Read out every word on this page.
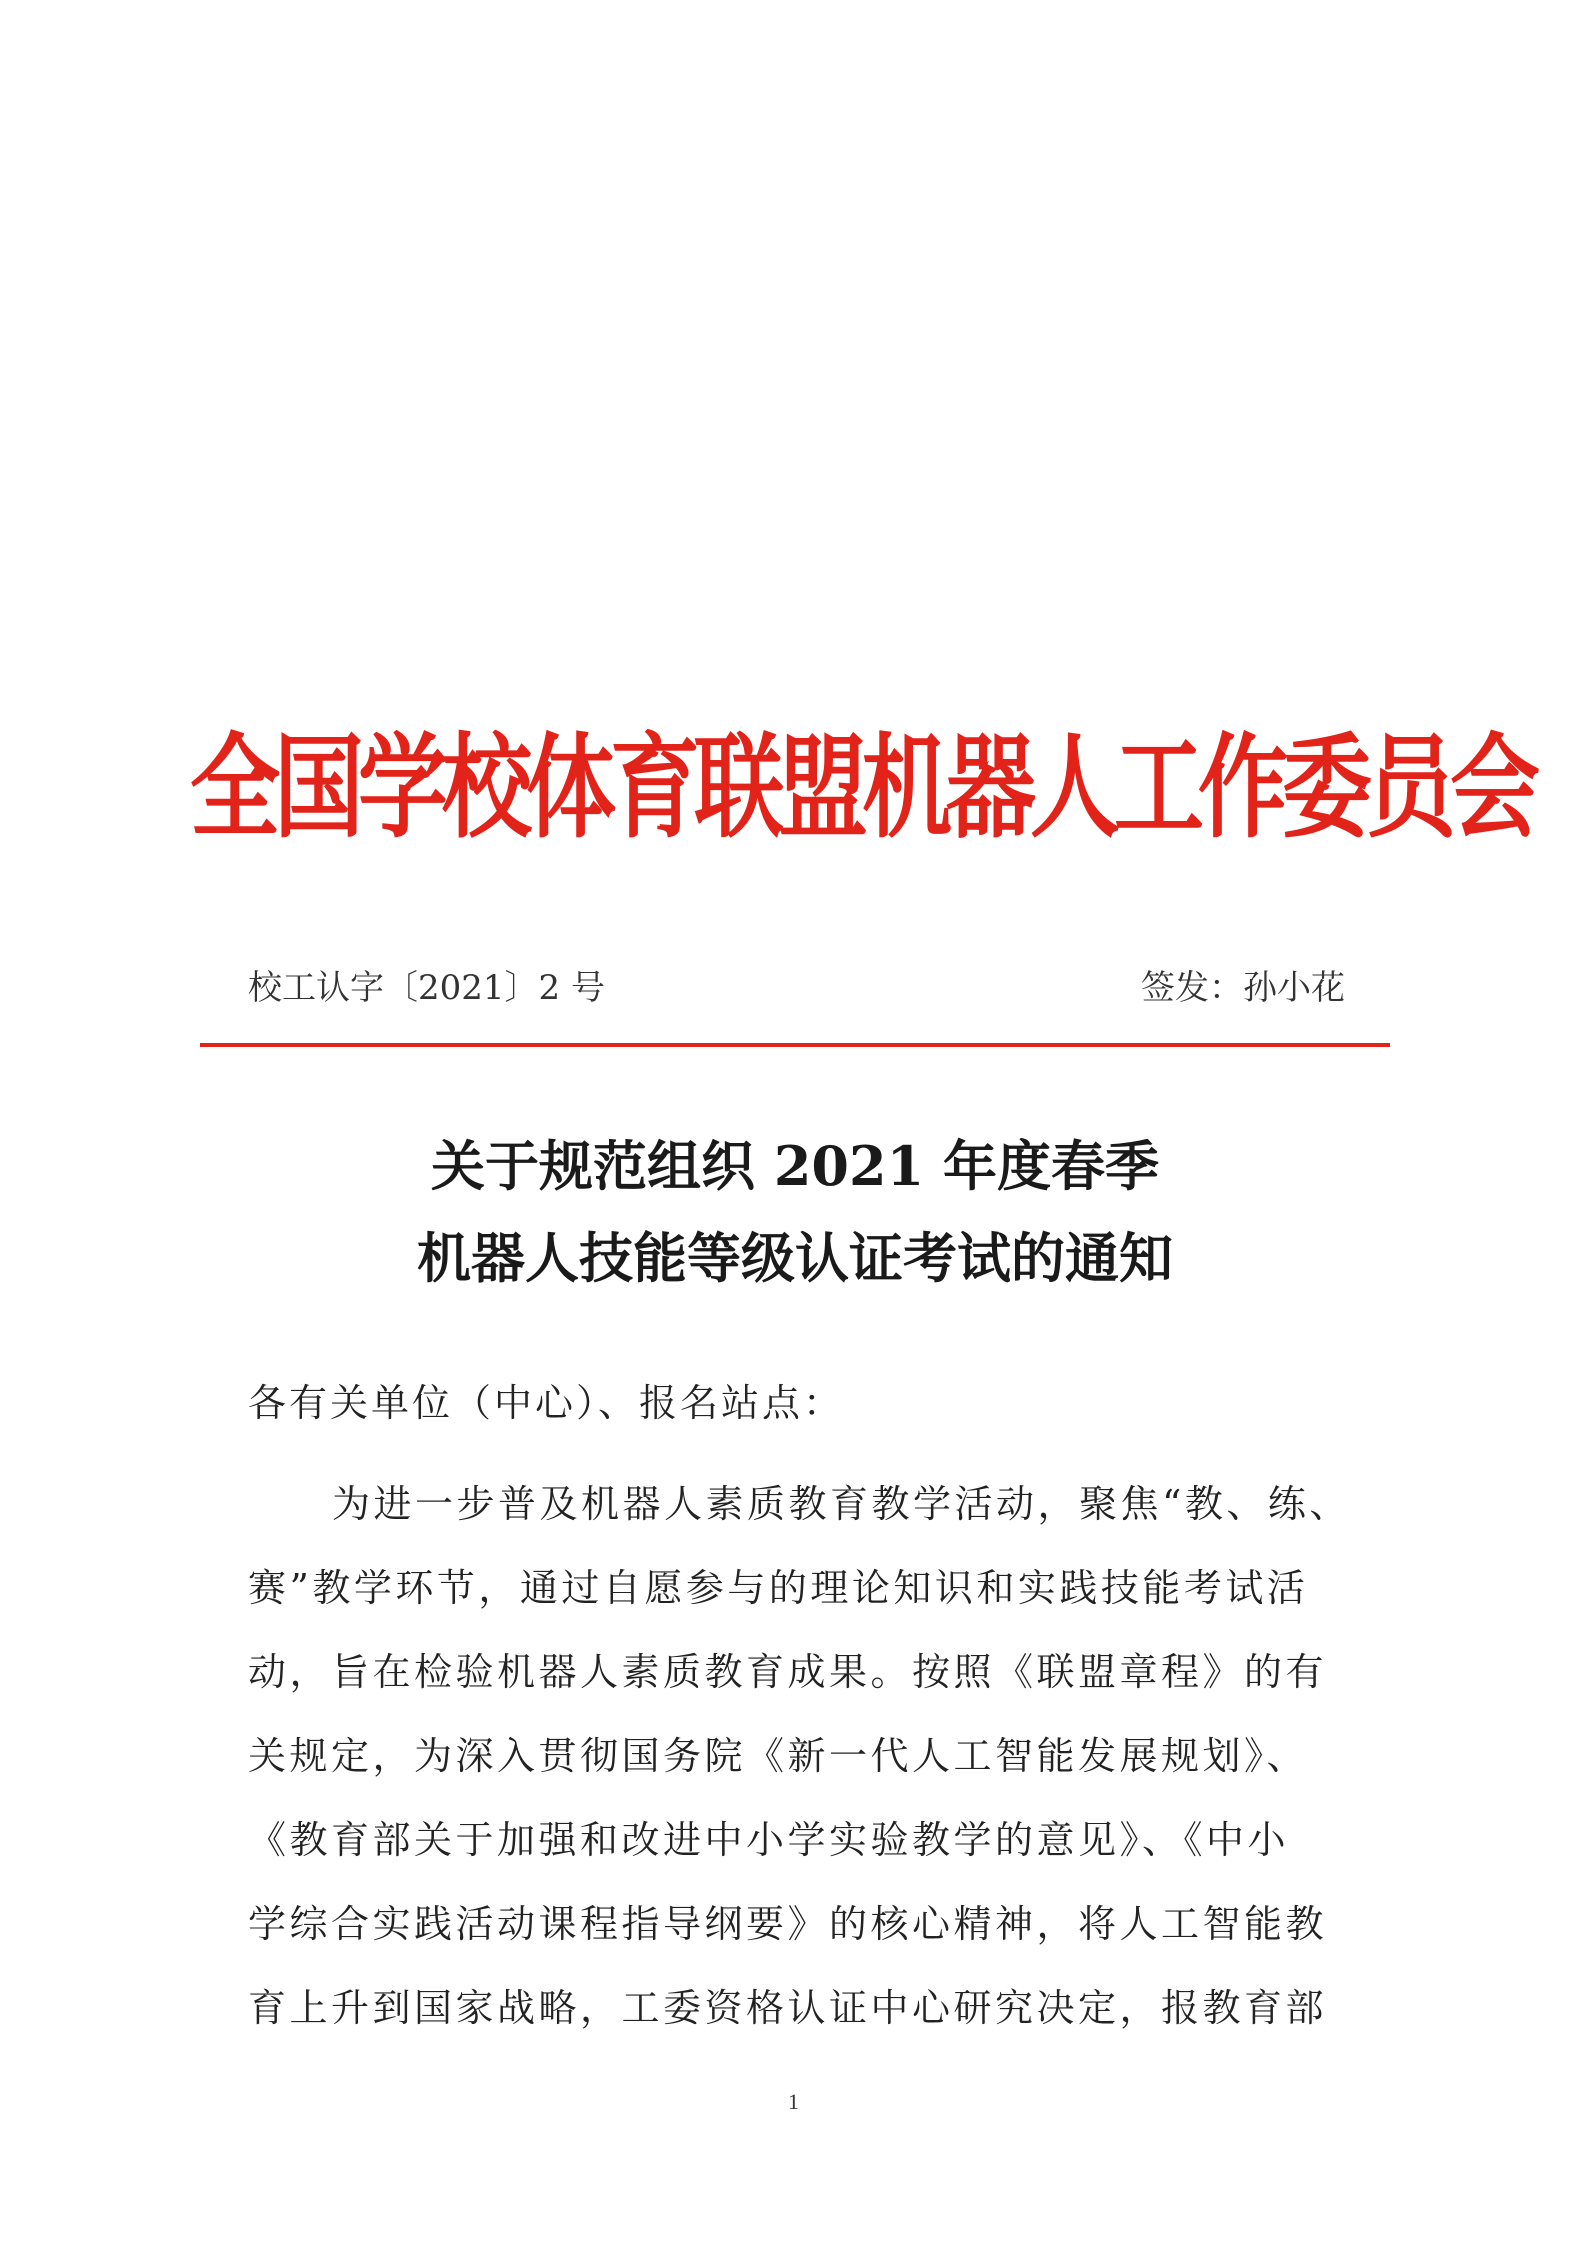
全国学校体育联盟机器人工作委员会
校工认字〔2021〕2 号	签发：孙小花
关于规范组织 2021 年度春季
机器人技能等级认证考试的通知
各有关单位（中心）、报名站点：
为进一步普及机器人素质教育教学活动，聚焦“教、练、
赛”教学环节，通过自愿参与的理论知识和实践技能考试活
动，旨在检验机器人素质教育成果。按照《联盟章程》的有
关规定，为深入贯彻国务院《新一代人工智能发展规划》、
《教育部关于加强和改进中小学实验教学的意见》、《中小
学综合实践活动课程指导纲要》的核心精神，将人工智能教
育上升到国家战略，工委资格认证中心研究决定，报教育部
1
